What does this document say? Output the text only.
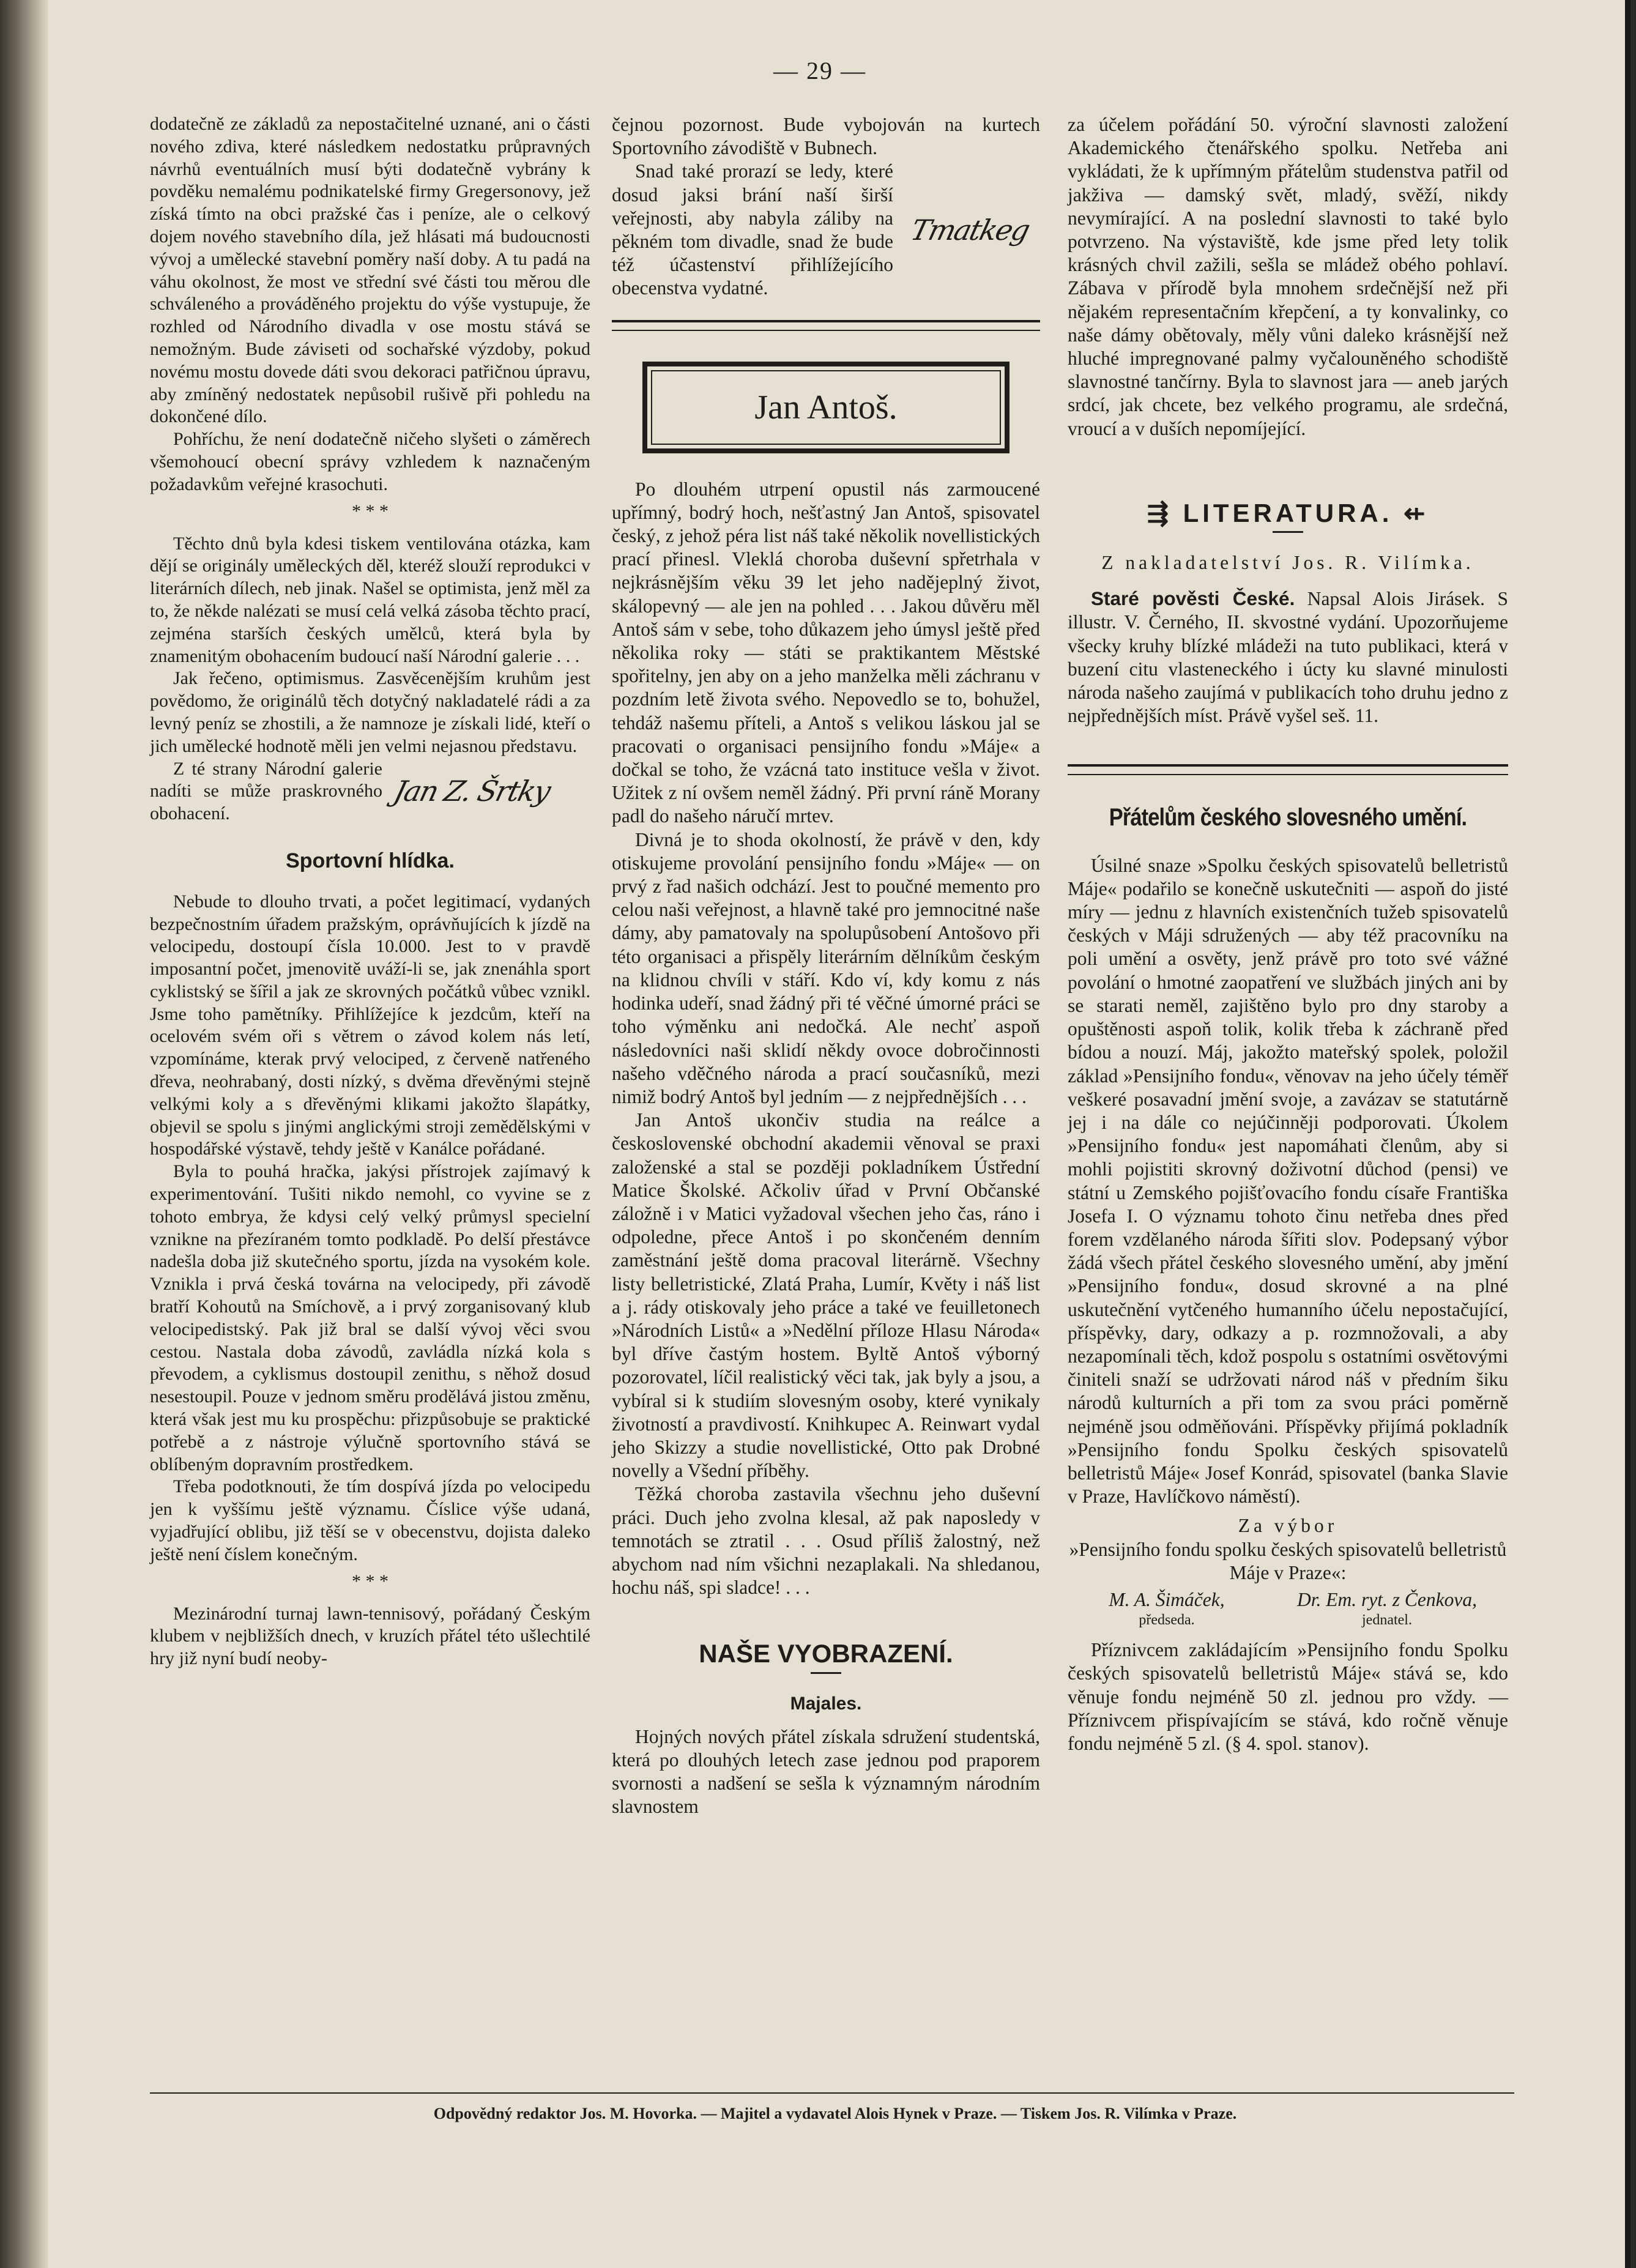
— 29 —

dodatečně ze základů za nepostačitelné uznané, ani o části nového zdiva, které následkem nedostatku průpravných návrhů eventuálních musí býti dodatečně vybrány k povděku nemalému podnikatelské firmy Gregersonovy, jež získá tímto na obci pražské čas i peníze, ale o celkový dojem nového stavebního díla, jež hlásati má budoucnosti vývoj a umělecké stavební poměry naší doby. A tu padá na váhu okolnost, že most ve střední své části tou měrou dle schváleného a prováděného projektu do výše vystupuje, že rozhled od Národního divadla v ose mostu stává se nemožným. Bude záviseti od sochařské výzdoby, pokud novému mostu dovede dáti svou dekoraci patřičnou úpravu, aby zmíněný nedostatek nepůsobil rušivě při pohledu na dokončené dílo.

Pohříchu, že není dodatečně ničeho slyšeti o záměrech všemohoucí obecní správy vzhledem k naznačeným požadavkům veřejné krasochuti.

* * *

Těchto dnů byla kdesi tiskem ventilována otázka, kam dějí se originály uměleckých děl, kteréž slouží reprodukci v literárních dílech, neb jinak. Našel se optimista, jenž měl za to, že někde nalézati se musí celá velká zásoba těchto prací, zejména starších českých umělců, která byla by znamenitým obohacením budoucí naší Národní galerie . . .

Jak řečeno, optimismus. Zasvěcenějším kruhům jest povědomo, že originálů těch dotyčný nakladatelé rádi a za levný peníz se zhostili, a že namnoze je získali lidé, kteří o jich umělecké hodnotě měli jen velmi nejasnou představu.

Z té strany Národní galerie nadíti se může praskrovného obohacení.

Jan Z. Šrtky
Sportovní hlídka.

Nebude to dlouho trvati, a počet legitimací, vydaných bezpečnostním úřadem pražským, oprávňujících k jízdě na velocipedu, dostoupí čísla 10.000. Jest to v pravdě imposantní počet, jmenovitě uváží-li se, jak znenáhla sport cyklistský se šířil a jak ze skrovných počátků vůbec vznikl. Jsme toho pamětníky. Přihlížejíce k jezdcům, kteří na ocelovém svém oři s větrem o závod kolem nás letí, vzpomínáme, kterak prvý velociped, z červeně natřeného dřeva, neohrabaný, dosti nízký, s dvěma dřevěnými stejně velkými koly a s dřevěnými klikami jakožto šlapátky, objevil se spolu s jinými anglickými stroji zemědělskými v hospodářské výstavě, tehdy ještě v Kanálce pořádané.

Byla to pouhá hračka, jakýsi přístrojek zajímavý k experimentování. Tušiti nikdo nemohl, co vyvine se z tohoto embrya, že kdysi celý velký průmysl specielní vznikne na přezíraném tomto podkladě. Po delší přestávce nadešla doba již skutečného sportu, jízda na vysokém kole. Vznikla i prvá česká továrna na velocipedy, při závodě bratří Kohoutů na Smíchově, a i prvý zorganisovaný klub velocipedistský. Pak již bral se další vývoj věci svou cestou. Nastala doba závodů, zavládla nízká kola s převodem, a cyklismus dostoupil zenithu, s něhož dosud nesestoupil. Pouze v jednom směru prodělává jistou změnu, která však jest mu ku prospěchu: přizpůsobuje se praktické potřebě a z nástroje výlučně sportovního stává se oblíbeným dopravním prostředkem.

Třeba podotknouti, že tím dospívá jízda po velocipedu jen k vyššímu ještě významu. Číslice výše udaná, vyjadřující oblibu, již těší se v obecenstvu, dojista daleko ještě není číslem konečným.

* * *

Mezinárodní turnaj lawn-tennisový, pořádaný Českým klubem v nejbližších dnech, v kruzích přátel této ušlechtilé hry již nyní budí neoby-

čejnou pozornost. Bude vybojován na kurtech Sportovního závodiště v Bubnech.

Snad také prorazí se ledy, které dosud jaksi brání naší širší veřejnosti, aby nabyla záliby na pěkném tom divadle, snad že bude též účastenství přihlížejícího obecenstva vydatné.

Tmatkeg
Jan Antoš.

Po dlouhém utrpení opustil nás zarmoucené upřímný, bodrý hoch, nešťastný Jan Antoš, spisovatel český, z jehož péra list náš také několik novellistických prací přinesl. Vleklá choroba duševní spřetrhala v nejkrásnějším věku 39 let jeho nadějeplný život, skálopevný — ale jen na pohled . . . Jakou důvěru měl Antoš sám v sebe, toho důkazem jeho úmysl ještě před několika roky — státi se praktikantem Městské spořitelny, jen aby on a jeho manželka měli záchranu v pozdním letě života svého. Nepovedlo se to, bohužel, tehdáž našemu příteli, a Antoš s velikou láskou jal se pracovati o organisaci pensijního fondu »Máje« a dočkal se toho, že vzácná tato instituce vešla v život. Užitek z ní ovšem neměl žádný. Při první ráně Morany padl do našeho náručí mrtev.

Divná je to shoda okolností, že právě v den, kdy otiskujeme provolání pensijního fondu »Máje« — on prvý z řad našich odchází. Jest to poučné memento pro celou naši veřejnost, a hlavně také pro jemnocitné naše dámy, aby pamatovaly na spolupůsobení Antošovo při této organisaci a přispěly literárním dělníkům českým na klidnou chvíli v stáří. Kdo ví, kdy komu z nás hodinka udeří, snad žádný při té věčné úmorné práci se toho výměnku ani nedočká. Ale nechť aspoň následovníci naši sklidí někdy ovoce dobročinnosti našeho vděčného národa a prací současníků, mezi nimiž bodrý Antoš byl jedním — z nejpřednějších . . .

Jan Antoš ukončiv studia na reálce a československé obchodní akademii věnoval se praxi založenské a stal se později pokladníkem Ústřední Matice Školské. Ačkoliv úřad v První Občanské záložně i v Matici vyžadoval všechen jeho čas, ráno i odpoledne, přece Antoš i po skončeném denním zaměstnání ještě doma pracoval literárně. Všechny listy belletristické, Zlatá Praha, Lumír, Květy i náš list a j. rády otiskovaly jeho práce a také ve feuilletonech »Národních Listů« a »Nedělní příloze Hlasu Národa« byl dříve častým hostem. Byltě Antoš výborný pozorovatel, líčil realistický věci tak, jak byly a jsou, a vybíral si k studiím slovesným osoby, které vynikaly životností a pravdivostí. Knihkupec A. Reinwart vydal jeho Skizzy a studie novellistické, Otto pak Drobné novelly a Všední příběhy.

Těžká choroba zastavila všechnu jeho duševní práci. Duch jeho zvolna klesal, až pak naposledy v temnotách se ztratil . . . Osud příliš žalostný, než abychom nad ním všichni nezaplakali. Na shledanou, hochu náš, spi sladce! . . .

NAŠE VYOBRAZENÍ.
Majales.

Hojných nových přátel získala sdružení studentská, která po dlouhých letech zase jednou pod praporem svornosti a nadšení se sešla k významným národním slavnostem

za účelem pořádání 50. výroční slavnosti založení Akademického čtenářského spolku. Netřeba ani vykládati, že k upřímným přátelům studenstva patřil od jakživa — damský svět, mladý, svěží, nikdy nevymírající. A na poslední slavnosti to také bylo potvrzeno. Na výstaviště, kde jsme před lety tolik krásných chvil zažili, sešla se mládež obého pohlaví. Zábava v přírodě byla mnohem srdečnější než při nějakém representačním křepčení, a ty konvalinky, co naše dámy obětovaly, měly vůni daleko krásnější než hluché impregnované palmy vyčalouněného schodiště slavnostné tančírny. Byla to slavnost jara — aneb jarých srdcí, jak chcete, bez velkého programu, ale srdečná, vroucí a v duších nepomíjející.

⇶ LITERATURA. ⇷

Z nakladatelství Jos. R. Vilímka.

Staré pověsti České. Napsal Alois Jirásek. S illustr. V. Černého, II. skvostné vydání. Upozorňujeme všecky kruhy blízké mládeži na tuto publikaci, která v buzení citu vlasteneckého i úcty ku slavné minulosti národa našeho zaujímá v publikacích toho druhu jedno z nejpřednějších míst. Právě vyšel seš. 11.

Přátelům českého slovesného umění.

Úsilné snaze »Spolku českých spisovatelů belletristů Máje« podařilo se konečně uskutečniti — aspoň do jisté míry — jednu z hlavních existenčních tužeb spisovatelů českých v Máji sdružených — aby též pracovníku na poli umění a osvěty, jenž právě pro toto své vážné povolání o hmotné zaopatření ve službách jiných ani by se starati neměl, zajištěno bylo pro dny staroby a opuštěnosti aspoň tolik, kolik třeba k záchraně před bídou a nouzí. Máj, jakožto mateřský spolek, položil základ »Pensijního fondu«, věnovav na jeho účely téměř veškeré posavadní jmění svoje, a zavázav se statutárně jej i na dále co nejúčinněji podporovati. Úkolem »Pensijního fondu« jest napomáhati členům, aby si mohli pojistiti skrovný doživotní důchod (pensi) ve státní u Zemského pojišťovacího fondu císaře Františka Josefa I. O významu tohoto činu netřeba dnes před forem vzdělaného národa šířiti slov. Podepsaný výbor žádá všech přátel českého slovesného umění, aby jmění »Pensijního fondu«, dosud skrovné a na plné uskutečnění vytčeného humanního účelu nepostačující, příspěvky, dary, odkazy a p. rozmnožovali, a aby nezapomínali těch, kdož pospolu s ostatními osvětovými činiteli snaží se udržovati národ náš v předním šiku národů kulturních a při tom za svou práci poměrně nejméně jsou odměňováni. Příspěvky přijímá pokladník »Pensijního fondu Spolku českých spisovatelů belletristů Máje« Josef Konrád, spisovatel (banka Slavie v Praze, Havlíčkovo náměstí).

Za výbor

»Pensijního fondu spolku českých spisovatelů belletristů Máje v Praze«:

M. A. Šimáček,
předseda.
Dr. Em. ryt. z Čenkova,
jednatel.

Příznivcem zakládajícím »Pensijního fondu Spolku českých spisovatelů belletristů Máje« stává se, kdo věnuje fondu nejméně 50 zl. jednou pro vždy. — Příznivcem přispívajícím se stává, kdo ročně věnuje fondu nejméně 5 zl. (§ 4. spol. stanov).

Odpovědný redaktor Jos. M. Hovorka. — Majitel a vydavatel Alois Hynek v Praze. — Tiskem Jos. R. Vilímka v Praze.
